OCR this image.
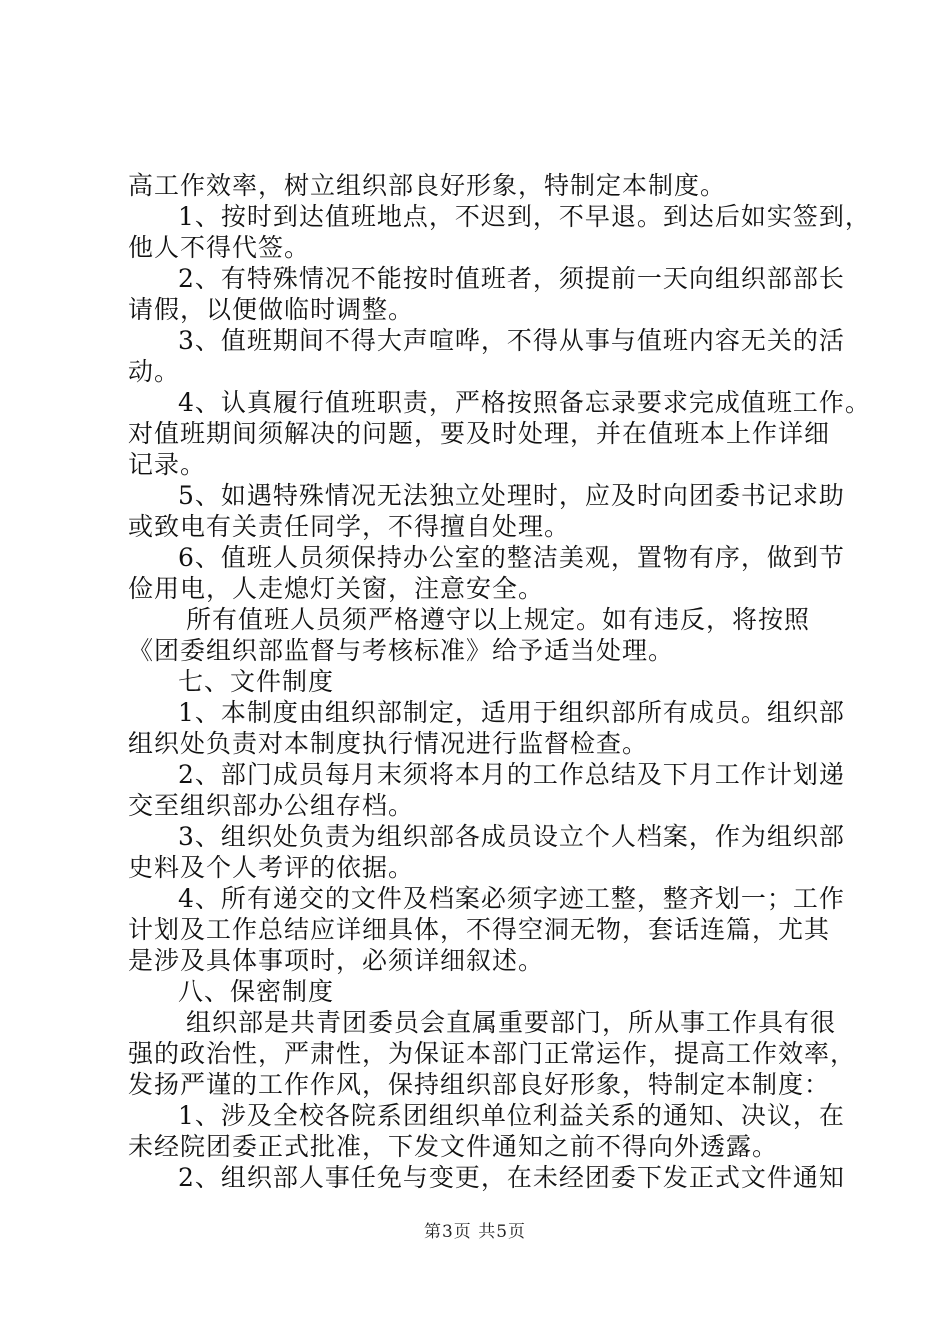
高工作效率，树立组织部良好形象，特制定本制度。
1、按时到达值班地点，不迟到，不早退。到达后如实签到，
他人不得代签。
2、有特殊情况不能按时值班者，须提前一天向组织部部长
请假，以便做临时调整。
3、值班期间不得大声喧哗，不得从事与值班内容无关的活
动。
4、认真履行值班职责，严格按照备忘录要求完成值班工作。
对值班期间须解决的问题，要及时处理，并在值班本上作详细
记录。
5、如遇特殊情况无法独立处理时，应及时向团委书记求助
或致电有关责任同学，不得擅自处理。
6、值班人员须保持办公室的整洁美观，置物有序，做到节
俭用电，人走熄灯关窗，注意安全。
所有值班人员须严格遵守以上规定。如有违反，将按照
《团委组织部监督与考核标准》给予适当处理。
七、文件制度
1、本制度由组织部制定，适用于组织部所有成员。组织部
组织处负责对本制度执行情况进行监督检查。
2、部门成员每月末须将本月的工作总结及下月工作计划递
交至组织部办公组存档。
3、组织处负责为组织部各成员设立个人档案，作为组织部
史料及个人考评的依据。
4、所有递交的文件及档案必须字迹工整，整齐划一；工作
计划及工作总结应详细具体，不得空洞无物，套话连篇，尤其
是涉及具体事项时，必须详细叙述。
八、保密制度
组织部是共青团委员会直属重要部门，所从事工作具有很
强的政治性，严肃性，为保证本部门正常运作，提高工作效率，
发扬严谨的工作作风，保持组织部良好形象，特制定本制度：
1、涉及全校各院系团组织单位利益关系的通知、决议，在
未经院团委正式批准，下发文件通知之前不得向外透露。
2、组织部人事任免与变更，在未经团委下发正式文件通知
第3页 共5页
